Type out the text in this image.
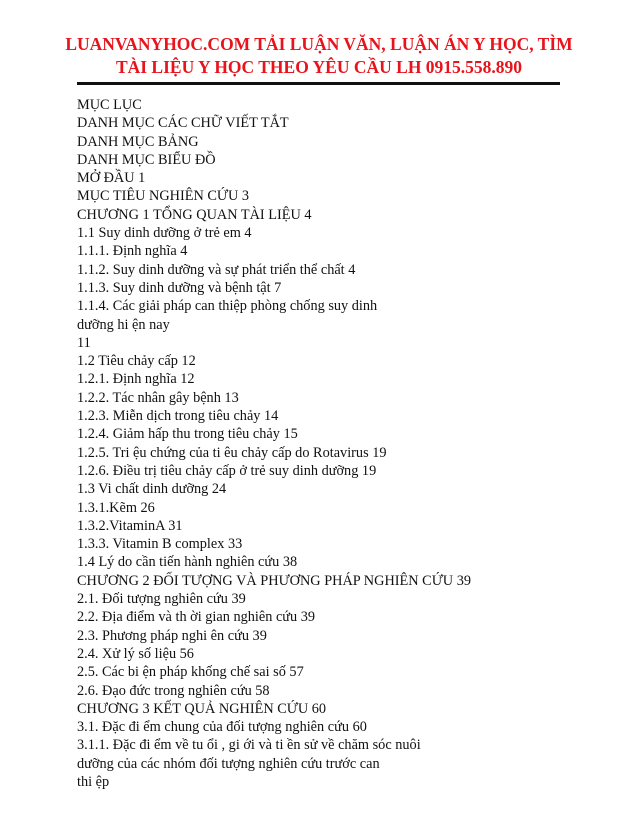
LUANVANYHOC.COM TẢI LUẬN VĂN, LUẬN ÁN Y HỌC, TÌM
TÀI LIỆU Y HỌC THEO YÊU CẦU LH 0915.558.890
MỤC LỤC
DANH MỤC CÁC CHỮ VIẾT TẮT
DANH MỤC BẢNG
DANH MỤC BIỂU ĐỒ
MỞ ĐẦU 1
MỤC TIÊU NGHIÊN CỨU 3
CHƯƠNG 1 TỔNG QUAN TÀI LIỆU 4
1.1 Suy dinh dưỡng ở trẻ em 4
1.1.1. Định nghĩa 4
1.1.2. Suy dinh dưỡng và sự phát triển thể chất 4
1.1.3. Suy dinh dưỡng và bệnh tật 7
1.1.4. Các giải pháp can thiệp phòng chống suy dinh
dưỡng hi ện nay
11
1.2 Tiêu chảy cấp 12
1.2.1. Định nghĩa 12
1.2.2. Tác nhân gây bệnh 13
1.2.3. Miễn dịch trong tiêu chảy 14
1.2.4. Giảm hấp thu trong tiêu chảy 15
1.2.5. Tri ệu chứng của ti êu chảy cấp do Rotavirus 19
1.2.6. Điều trị tiêu chảy cấp ở trẻ suy dinh dưỡng 19
1.3 Vi chất dinh dưỡng 24
1.3.1.Kẽm 26
1.3.2.VitaminA 31
1.3.3. Vitamin B complex 33
1.4 Lý do cần tiến hành nghiên cứu 38
CHƯƠNG 2 ĐỐI TƯỢNG VÀ PHƯƠNG PHÁP NGHIÊN CỨU 39
2.1. Đối tượng nghiên cứu 39
2.2. Địa điểm và th ời gian nghiên cứu 39
2.3. Phương pháp nghi ên cứu 39
2.4. Xử lý số liệu 56
2.5. Các bi ện pháp khống chế sai số 57
2.6. Đạo đức trong nghiên cứu 58
CHƯƠNG 3 KẾT QUẢ NGHIÊN CỨU 60
3.1. Đặc đi ểm chung của đối tượng nghiên cứu 60
3.1.1. Đặc đi ểm về tu ổi , gi ới và ti ền sử về chăm sóc nuôi
dưỡng của các nhóm đối tượng nghiên cứu trước can
thi ệp
